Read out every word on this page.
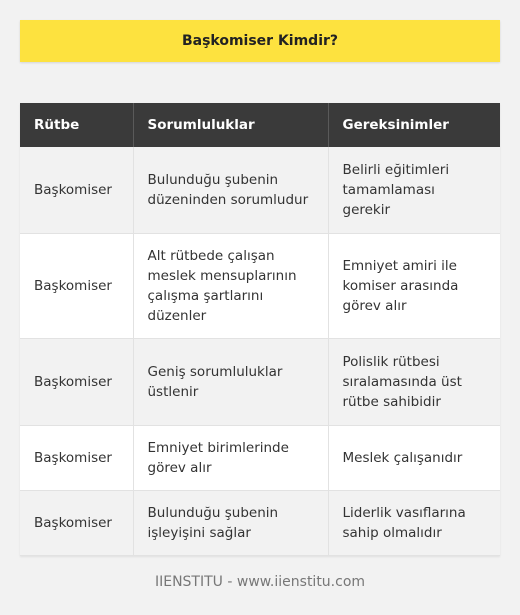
Başkomiser Kimdir?
Rütbe	Sorumluluklar	Gereksinimler
Başkomiser	Bulunduğu şubenin düzeninden sorumludur	Belirli eğitimleri tamamlaması gerekir
Başkomiser	Alt rütbede çalışan meslek mensuplarının çalışma şartlarını düzenler	Emniyet amiri ile komiser arasında görev alır
Başkomiser	Geniş sorumluluklar üstlenir	Polislik rütbesi sıralamasında üst rütbe sahibidir
Başkomiser	Emniyet birimlerinde görev alır	Meslek çalışanıdır
Başkomiser	Bulunduğu şubenin işleyişini sağlar	Liderlik vasıflarına sahip olmalıdır
IIENSTITU - www.iienstitu.com
